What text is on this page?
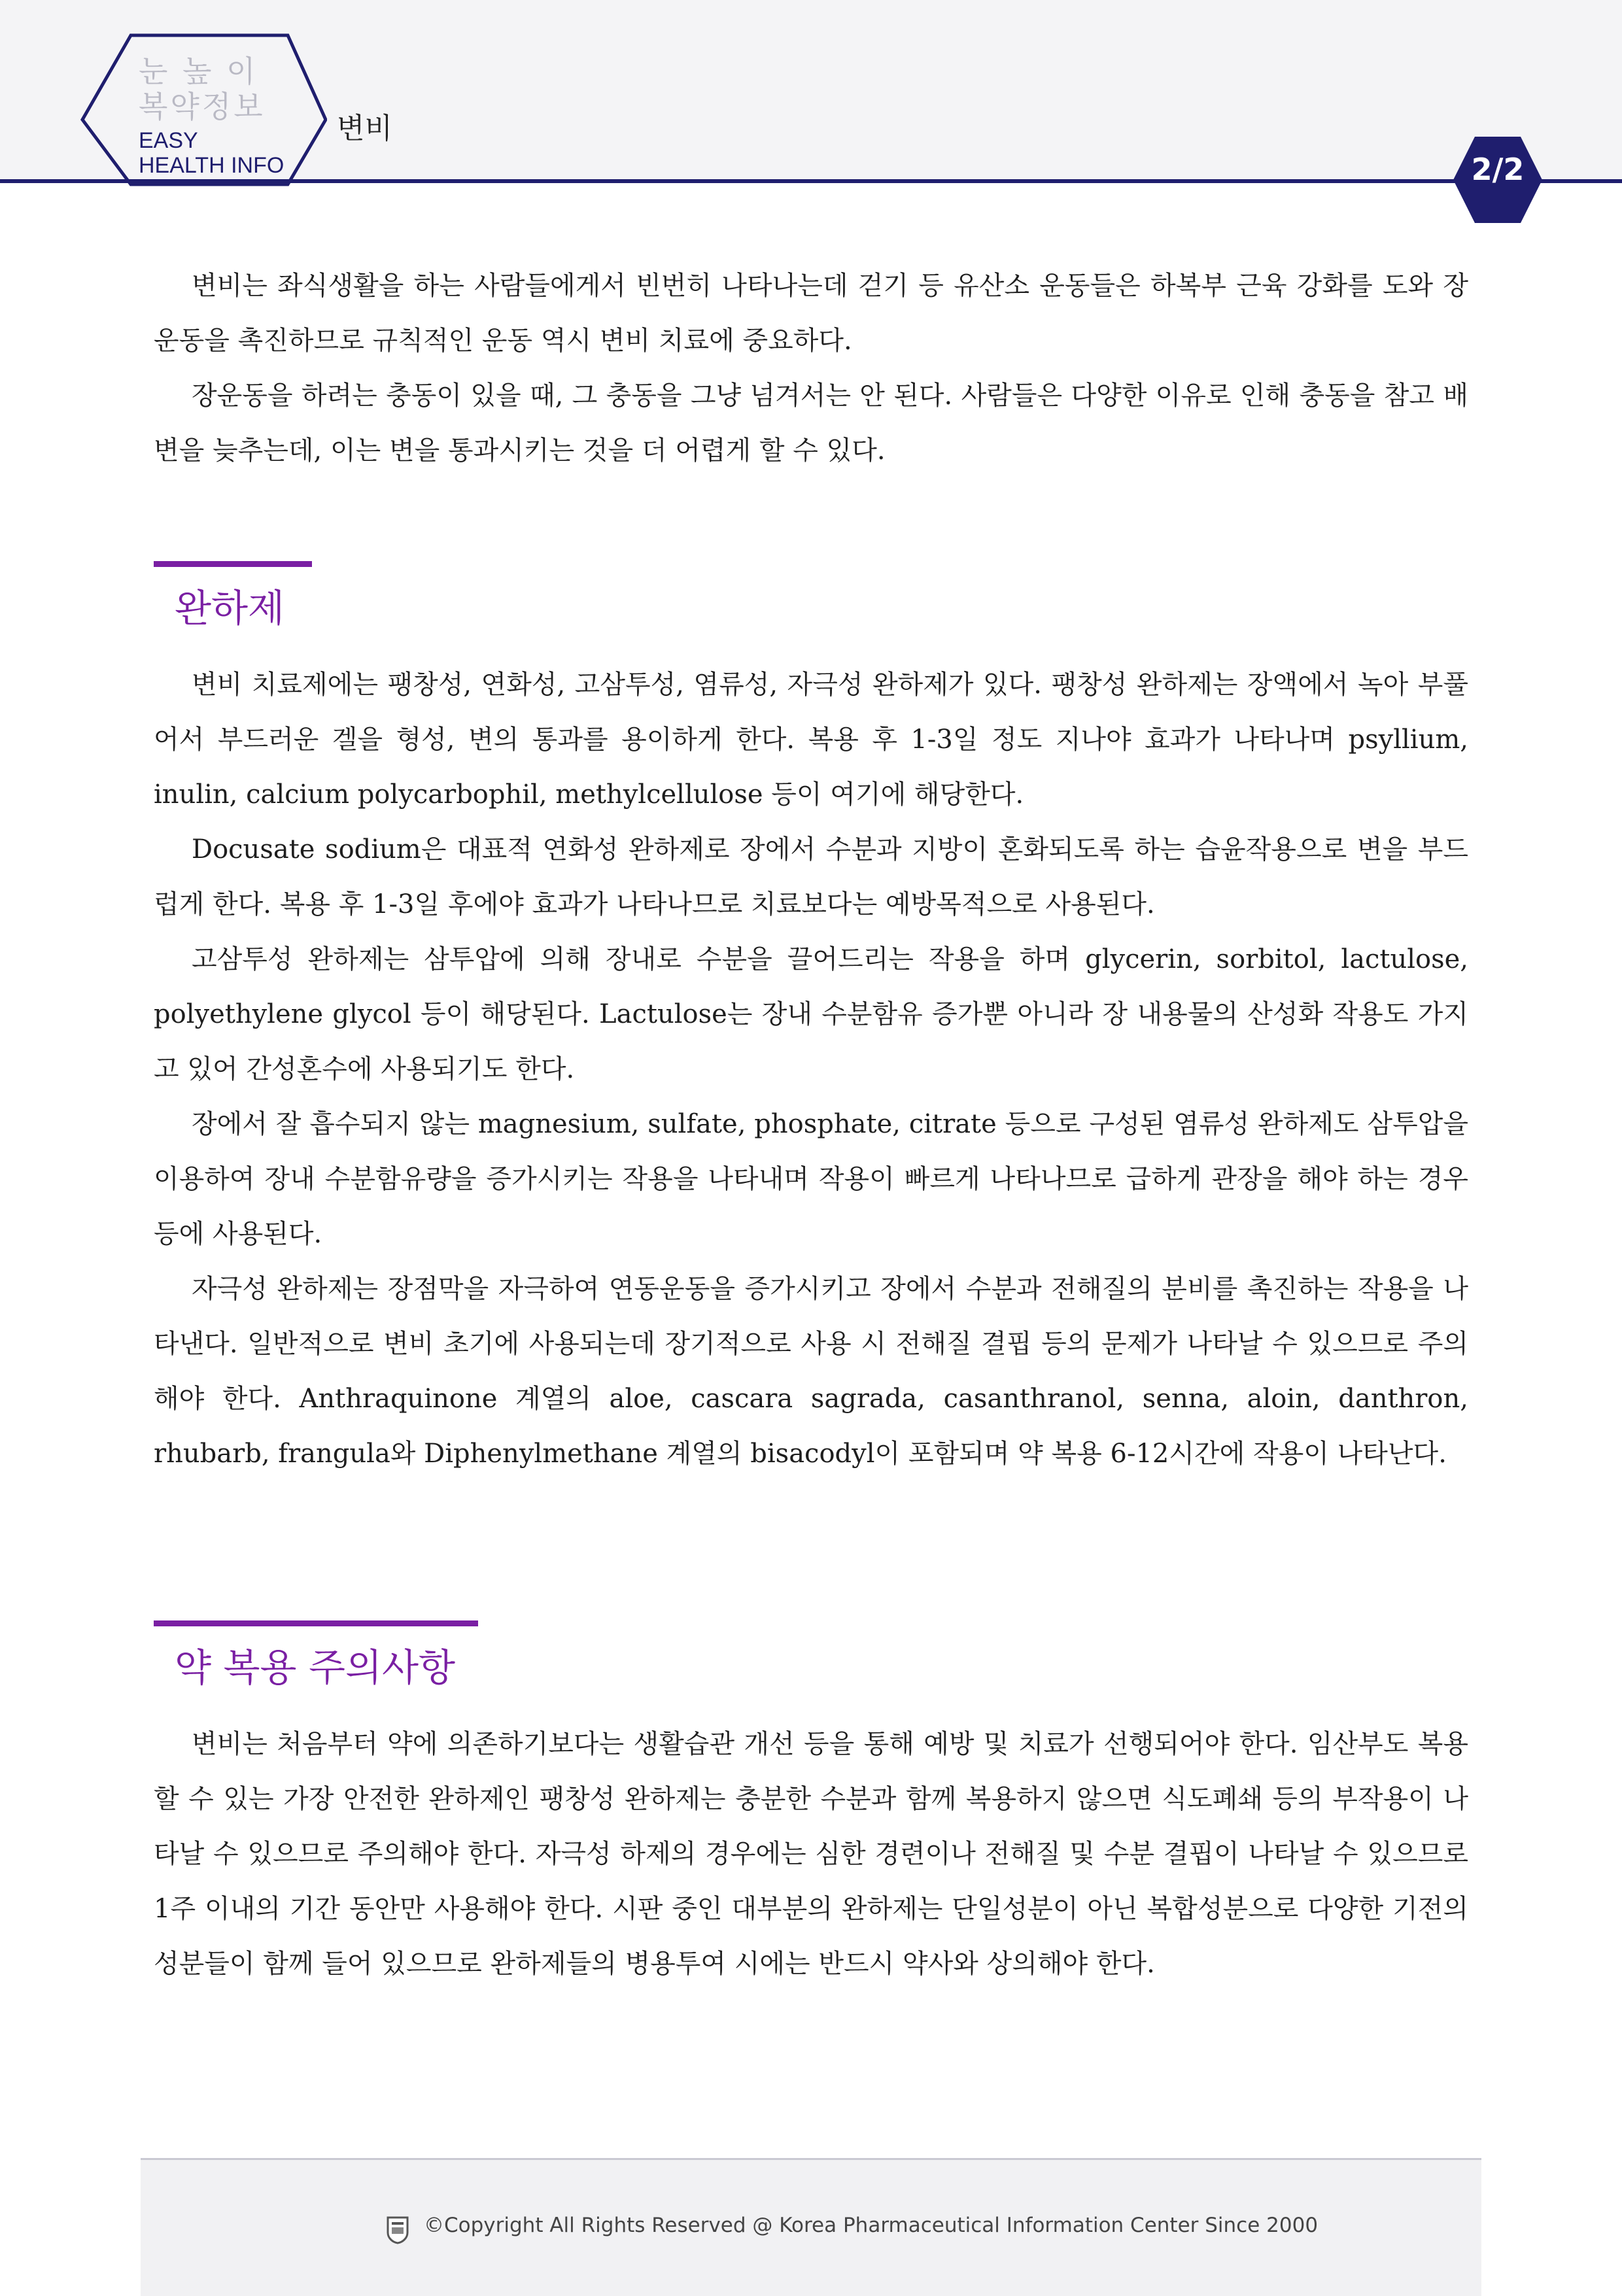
눈 높 이
복약정보
EASY
HEALTH INFO
변비
2/2

변비는 좌식생활을 하는 사람들에게서 빈번히 나타나는데 걷기 등 유산소 운동들은 하복부 근육 강화를 도와 장운동을 촉진하므로 규칙적인 운동 역시 변비 치료에 중요하다.

장운동을 하려는 충동이 있을 때, 그 충동을 그냥 넘겨서는 안 된다. 사람들은 다양한 이유로 인해 충동을 참고 배변을 늦추는데, 이는 변을 통과시키는 것을 더 어렵게 할 수 있다.

완하제

변비 치료제에는 팽창성, 연화성, 고삼투성, 염류성, 자극성 완하제가 있다. 팽창성 완하제는 장액에서 녹아 부풀어서 부드러운 겔을 형성, 변의 통과를 용이하게 한다. 복용 후 1-3일 정도 지나야 효과가 나타나며 psyllium, inulin, calcium polycarbophil, methylcellulose 등이 여기에 해당한다.

Docusate sodium은 대표적 연화성 완하제로 장에서 수분과 지방이 혼화되도록 하는 습윤작용으로 변을 부드럽게 한다. 복용 후 1-3일 후에야 효과가 나타나므로 치료보다는 예방목적으로 사용된다.

고삼투성 완하제는 삼투압에 의해 장내로 수분을 끌어드리는 작용을 하며 glycerin, sorbitol, lactulose, polyethylene glycol 등이 해당된다. Lactulose는 장내 수분함유 증가뿐 아니라 장 내용물의 산성화 작용도 가지고 있어 간성혼수에 사용되기도 한다.

장에서 잘 흡수되지 않는 magnesium, sulfate, phosphate, citrate 등으로 구성된 염류성 완하제도 삼투압을 이용하여 장내 수분함유량을 증가시키는 작용을 나타내며 작용이 빠르게 나타나므로 급하게 관장을 해야 하는 경우 등에 사용된다.

자극성 완하제는 장점막을 자극하여 연동운동을 증가시키고 장에서 수분과 전해질의 분비를 촉진하는 작용을 나타낸다. 일반적으로 변비 초기에 사용되는데 장기적으로 사용 시 전해질 결핍 등의 문제가 나타날 수 있으므로 주의해야 한다. Anthraquinone 계열의 aloe, cascara sagrada, casanthranol, senna, aloin, danthron, rhubarb, frangula와 Diphenylmethane 계열의 bisacodyl이 포함되며 약 복용 6-12시간에 작용이 나타난다.

약 복용 주의사항

변비는 처음부터 약에 의존하기보다는 생활습관 개선 등을 통해 예방 및 치료가 선행되어야 한다. 임산부도 복용할 수 있는 가장 안전한 완하제인 팽창성 완하제는 충분한 수분과 함께 복용하지 않으면 식도폐쇄 등의 부작용이 나타날 수 있으므로 주의해야 한다. 자극성 하제의 경우에는 심한 경련이나 전해질 및 수분 결핍이 나타날 수 있으므로 1주 이내의 기간 동안만 사용해야 한다. 시판 중인 대부분의 완하제는 단일성분이 아닌 복합성분으로 다양한 기전의 성분들이 함께 들어 있으므로 완하제들의 병용투여 시에는 반드시 약사와 상의해야 한다.

©Copyright All Rights Reserved @ Korea Pharmaceutical Information Center Since 2000
